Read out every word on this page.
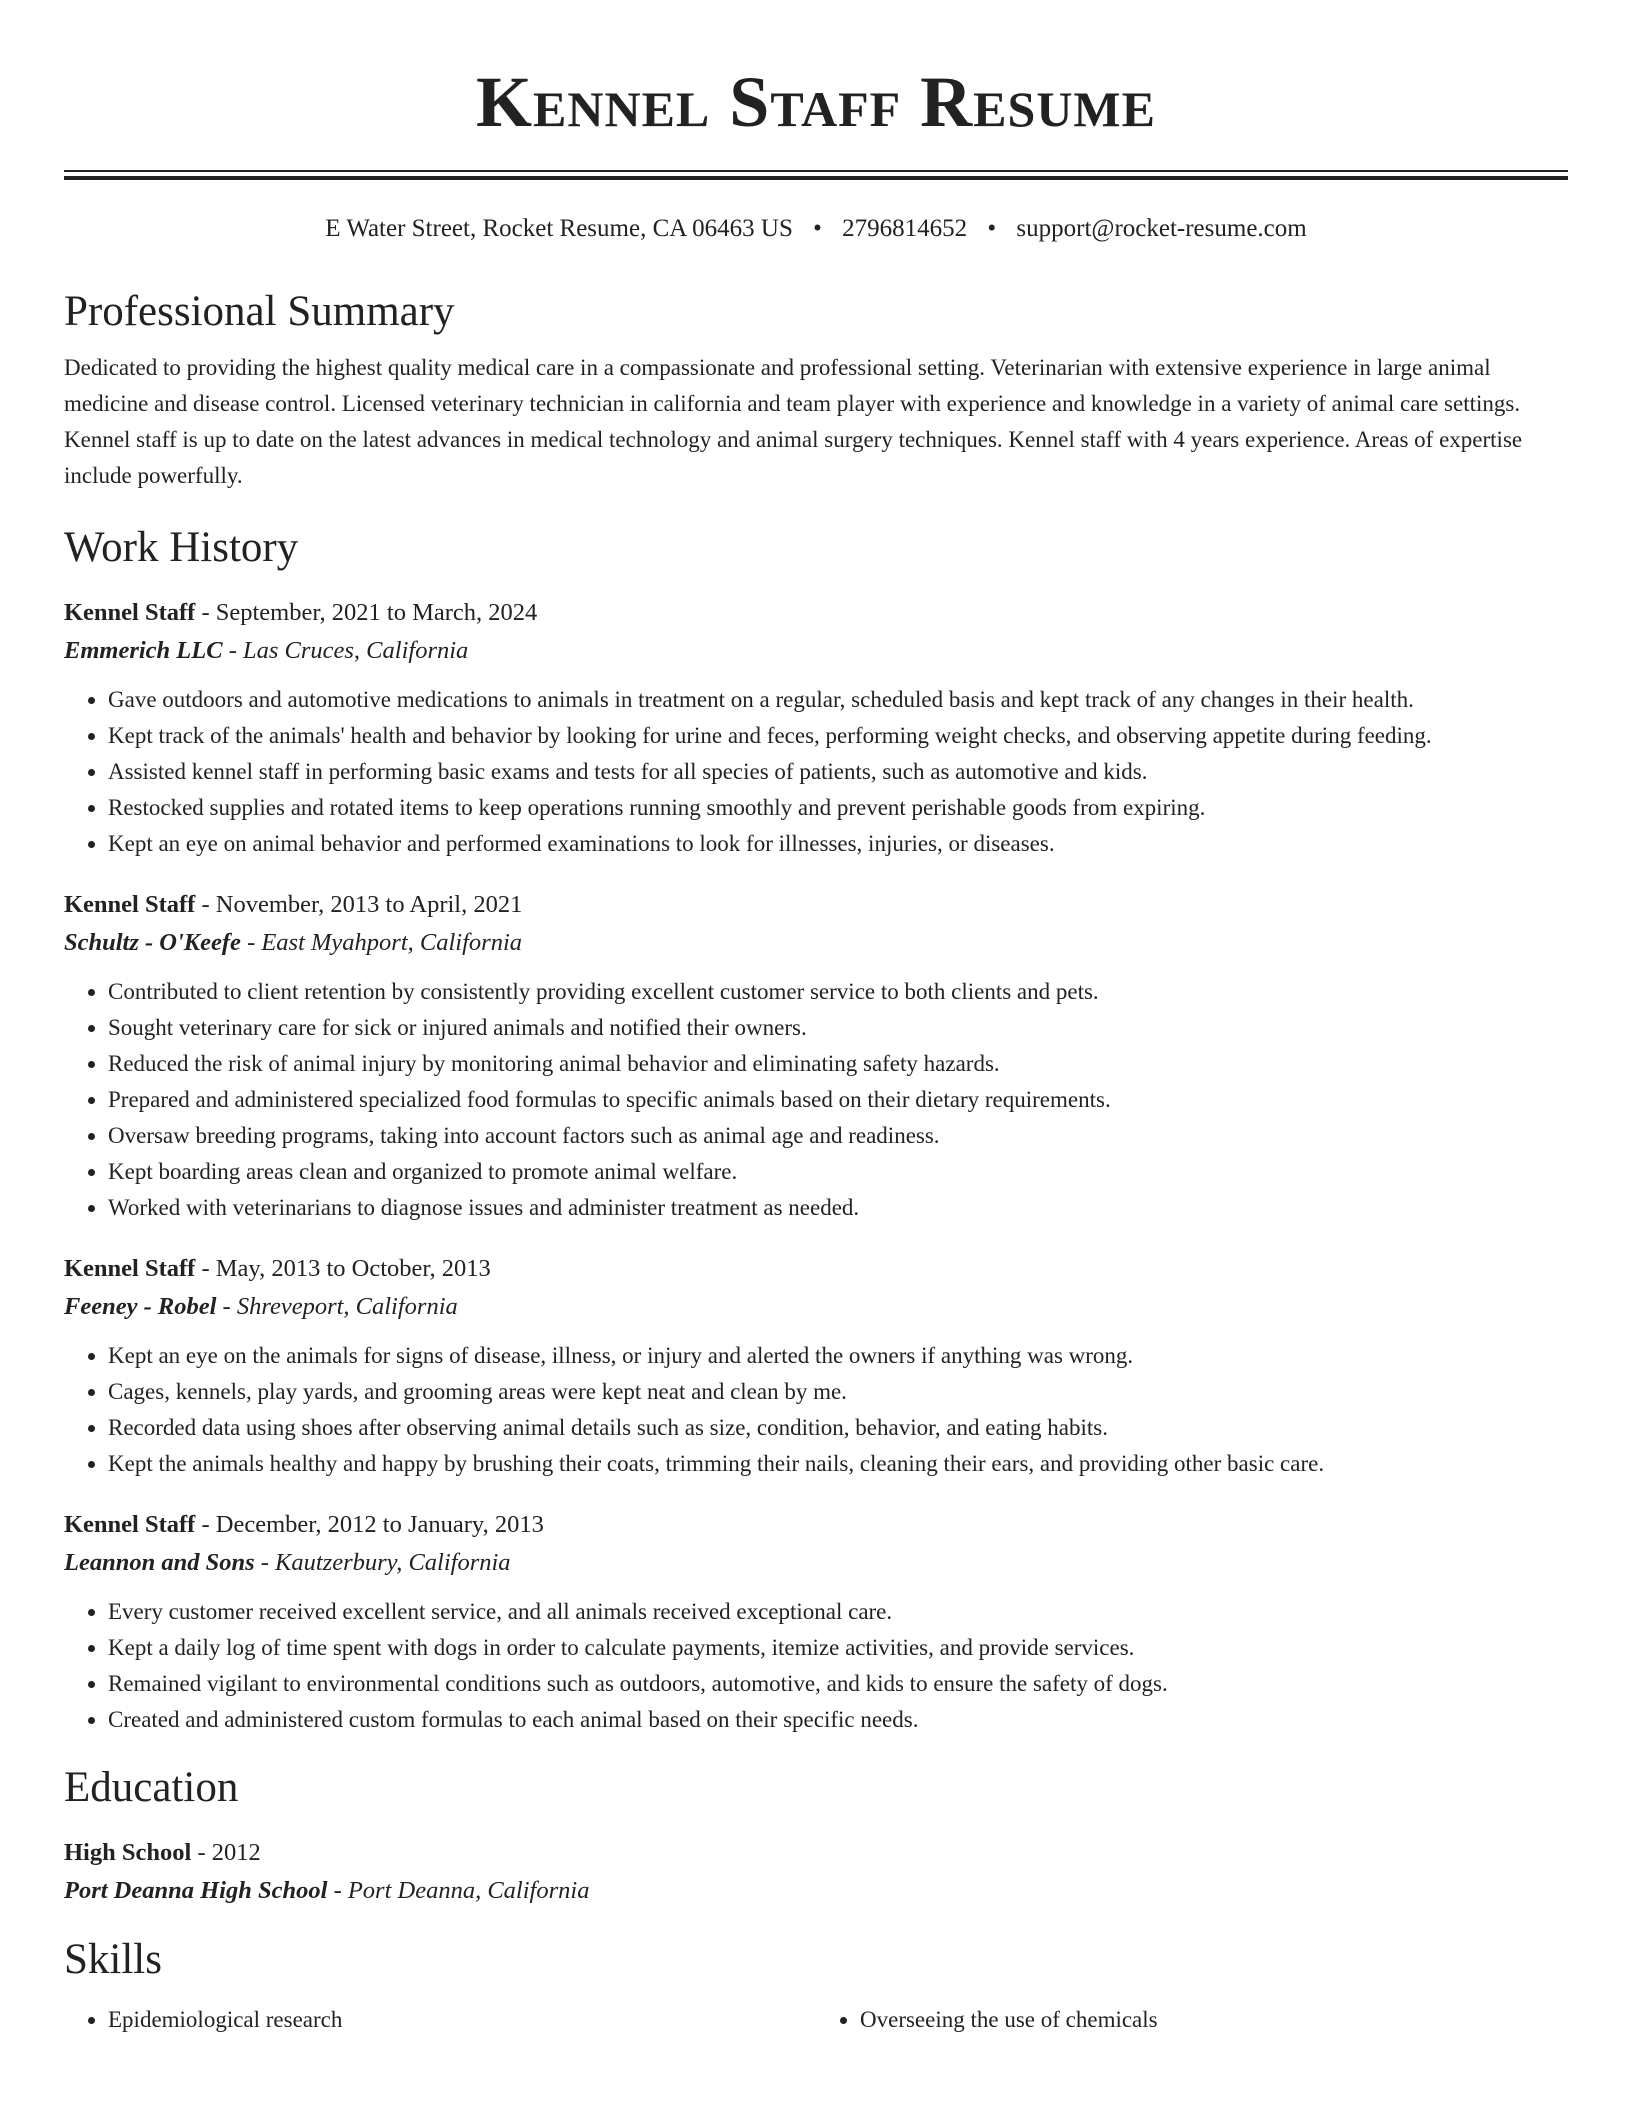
Kennel Staff Resume
E Water Street, Rocket Resume, CA 06463 US • 2796814652 • support@rocket-resume.com
Professional Summary
Dedicated to providing the highest quality medical care in a compassionate and professional setting. Veterinarian with extensive experience in large animal medicine and disease control. Licensed veterinary technician in california and team player with experience and knowledge in a variety of animal care settings. Kennel staff is up to date on the latest advances in medical technology and animal surgery techniques. Kennel staff with 4 years experience. Areas of expertise include powerfully.
Work History
Kennel Staff - September, 2021 to March, 2024
Emmerich LLC - Las Cruces, California
• Gave outdoors and automotive medications to animals in treatment on a regular, scheduled basis and kept track of any changes in their health.
• Kept track of the animals' health and behavior by looking for urine and feces, performing weight checks, and observing appetite during feeding.
• Assisted kennel staff in performing basic exams and tests for all species of patients, such as automotive and kids.
• Restocked supplies and rotated items to keep operations running smoothly and prevent perishable goods from expiring.
• Kept an eye on animal behavior and performed examinations to look for illnesses, injuries, or diseases.
Kennel Staff - November, 2013 to April, 2021
Schultz - O'Keefe - East Myahport, California
• Contributed to client retention by consistently providing excellent customer service to both clients and pets.
• Sought veterinary care for sick or injured animals and notified their owners.
• Reduced the risk of animal injury by monitoring animal behavior and eliminating safety hazards.
• Prepared and administered specialized food formulas to specific animals based on their dietary requirements.
• Oversaw breeding programs, taking into account factors such as animal age and readiness.
• Kept boarding areas clean and organized to promote animal welfare.
• Worked with veterinarians to diagnose issues and administer treatment as needed.
Kennel Staff - May, 2013 to October, 2013
Feeney - Robel - Shreveport, California
• Kept an eye on the animals for signs of disease, illness, or injury and alerted the owners if anything was wrong.
• Cages, kennels, play yards, and grooming areas were kept neat and clean by me.
• Recorded data using shoes after observing animal details such as size, condition, behavior, and eating habits.
• Kept the animals healthy and happy by brushing their coats, trimming their nails, cleaning their ears, and providing other basic care.
Kennel Staff - December, 2012 to January, 2013
Leannon and Sons - Kautzerbury, California
• Every customer received excellent service, and all animals received exceptional care.
• Kept a daily log of time spent with dogs in order to calculate payments, itemize activities, and provide services.
• Remained vigilant to environmental conditions such as outdoors, automotive, and kids to ensure the safety of dogs.
• Created and administered custom formulas to each animal based on their specific needs.
Education
High School - 2012
Port Deanna High School - Port Deanna, California
Skills
• Epidemiological research
•	Overseeing the use of chemicals
